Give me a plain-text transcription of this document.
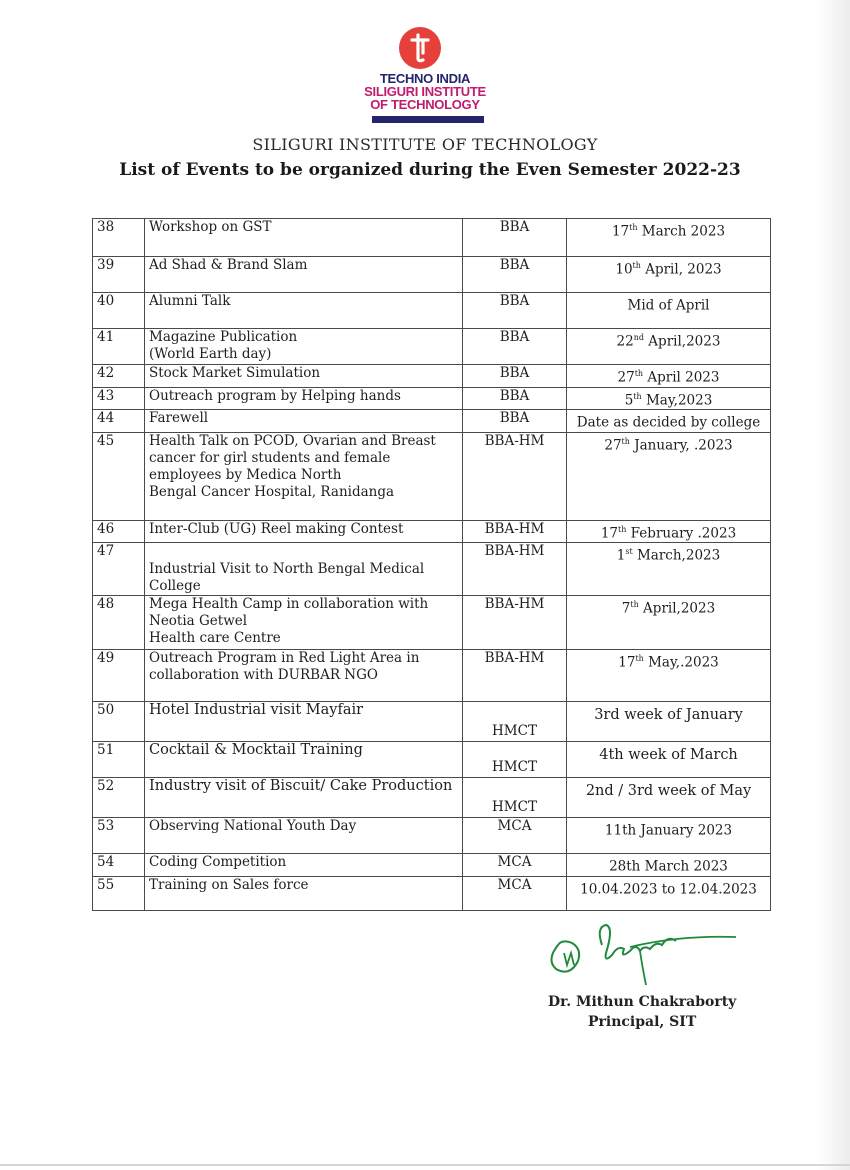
TECHNO INDIA
SILIGURI INSTITUTE
OF TECHNOLOGY
SILIGURI INSTITUTE OF TECHNOLOGY
List of Events to be organized during the Even Semester 2022-23
38	Workshop on GST	BBA	17th March 2023
39	Ad Shad & Brand Slam	BBA	10th April, 2023
40	Alumni Talk	BBA	Mid of April
41	Magazine Publication
(World Earth day)	BBA	22nd April,2023
42	Stock Market Simulation	BBA	27th April 2023
43	Outreach program by Helping hands	BBA	5th May,2023
44	Farewell	BBA	Date as decided by college
45	Health Talk on PCOD, Ovarian and Breast
cancer for girl students and female
employees by Medica North
Bengal Cancer Hospital, Ranidanga	BBA-HM	27th January, .2023
46	Inter-Club (UG) Reel making Contest	BBA-HM	17th February .2023
47	Industrial Visit to North Bengal Medical
College	BBA-HM	1st March,2023
48	Mega Health Camp in collaboration with
Neotia Getwel
Health care Centre	BBA-HM	7th April,2023
49	Outreach Program in Red Light Area in
collaboration with DURBAR NGO	BBA-HM	17th May,.2023
50	Hotel Industrial visit Mayfair	HMCT	3rd week of January
51	Cocktail & Mocktail Training	HMCT	4th week of March
52	Industry visit of Biscuit/ Cake Production	HMCT	2nd / 3rd week of May
53	Observing National Youth Day	MCA	11th January 2023
54	Coding Competition	MCA	28th March 2023
55	Training on Sales force	MCA	10.04.2023 to 12.04.2023
Dr. Mithun Chakraborty
Principal, SIT
